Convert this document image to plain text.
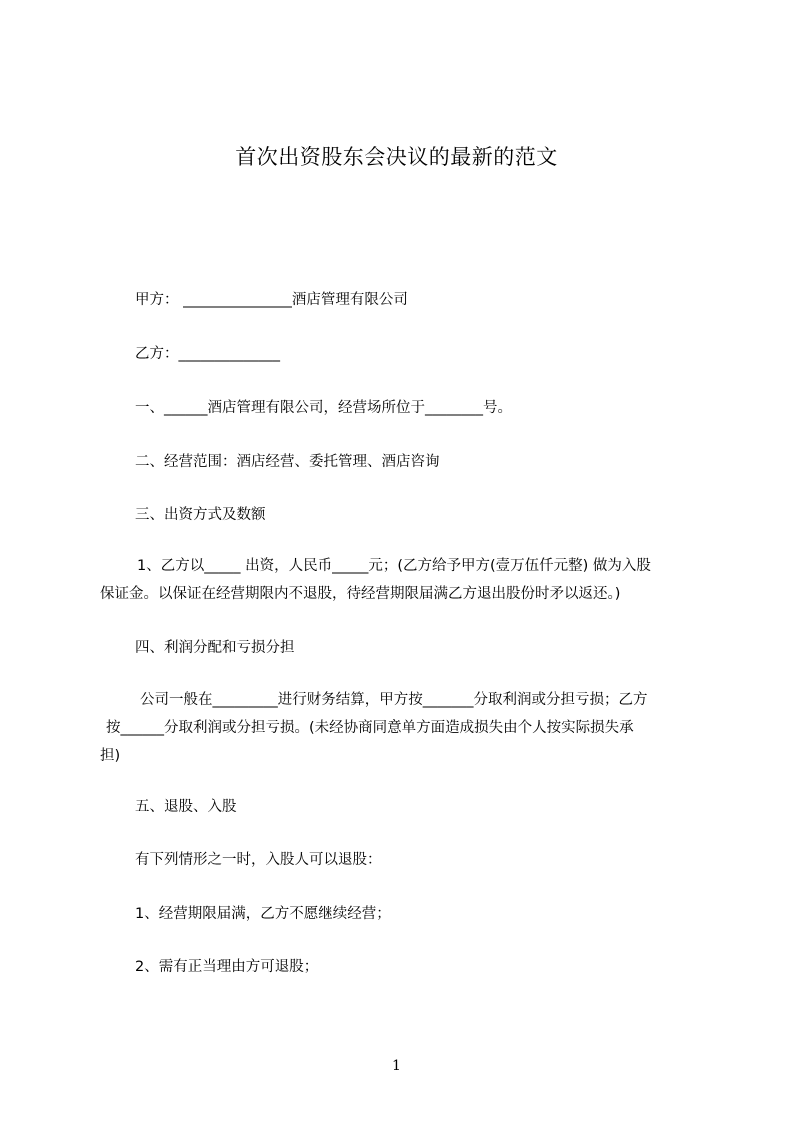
首次出资股东会决议的最新的范文
甲方： _______________酒店管理有限公司
乙方：______________
一、______酒店管理有限公司，经营场所位于________号。
二、经营范围：酒店经营、委托管理、酒店咨询
三、出资方式及数额
1、乙方以_____ 出资，人民币_____元；(乙方给予甲方(壹万伍仟元整) 做为入股
保证金。以保证在经营期限内不退股，待经营期限届满乙方退出股份时矛以返还。)
四、利润分配和亏损分担
公司一般在_________进行财务结算，甲方按_______分取利润或分担亏损；乙方
按______分取利润或分担亏损。(未经协商同意单方面造成损失由个人按实际损失承
担)
五、退股、入股
有下列情形之一时，入股人可以退股：
1、经营期限届满，乙方不愿继续经营；
2、需有正当理由方可退股；
1
